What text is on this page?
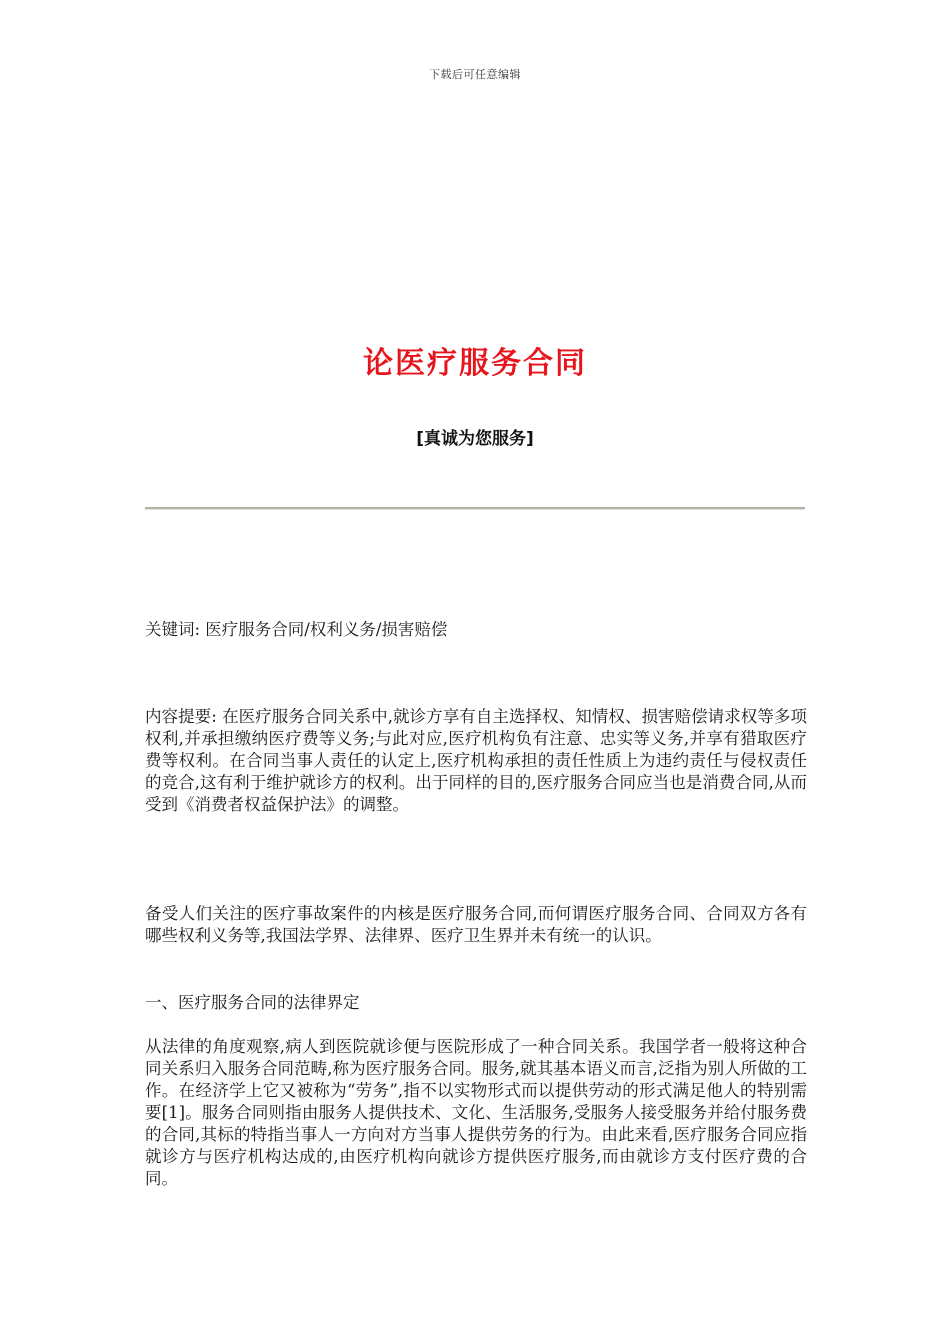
下载后可任意编辑
论医疗服务合同
[真诚为您服务]

关键词: 医疗服务合同/权利义务/损害赔偿

内容提要: 在医疗服务合同关系中,就诊方享有自主选择权、知情权、损害赔偿请求权等多项权利,并承担缴纳医疗费等义务;与此对应,医疗机构负有注意、忠实等义务,并享有猎取医疗费等权利。在合同当事人责任的认定上,医疗机构承担的责任性质上为违约责任与侵权责任的竞合,这有利于维护就诊方的权利。出于同样的目的,医疗服务合同应当也是消费合同,从而受到《消费者权益保护法》的调整。

备受人们关注的医疗事故案件的内核是医疗服务合同,而何谓医疗服务合同、合同双方各有哪些权利义务等,我国法学界、法律界、医疗卫生界并未有统一的认识。

一、医疗服务合同的法律界定

从法律的角度观察,病人到医院就诊便与医院形成了一种合同关系。我国学者一般将这种合同关系归入服务合同范畴,称为医疗服务合同。服务,就其基本语义而言,泛指为别人所做的工作。在经济学上它又被称为“劳务”,指不以实物形式而以提供劳动的形式满足他人的特别需要[1]。服务合同则指由服务人提供技术、文化、生活服务,受服务人接受服务并给付服务费的合同,其标的特指当事人一方向对方当事人提供劳务的行为。由此来看,医疗服务合同应指就诊方与医疗机构达成的,由医疗机构向就诊方提供医疗服务,而由就诊方支付医疗费的合同。
